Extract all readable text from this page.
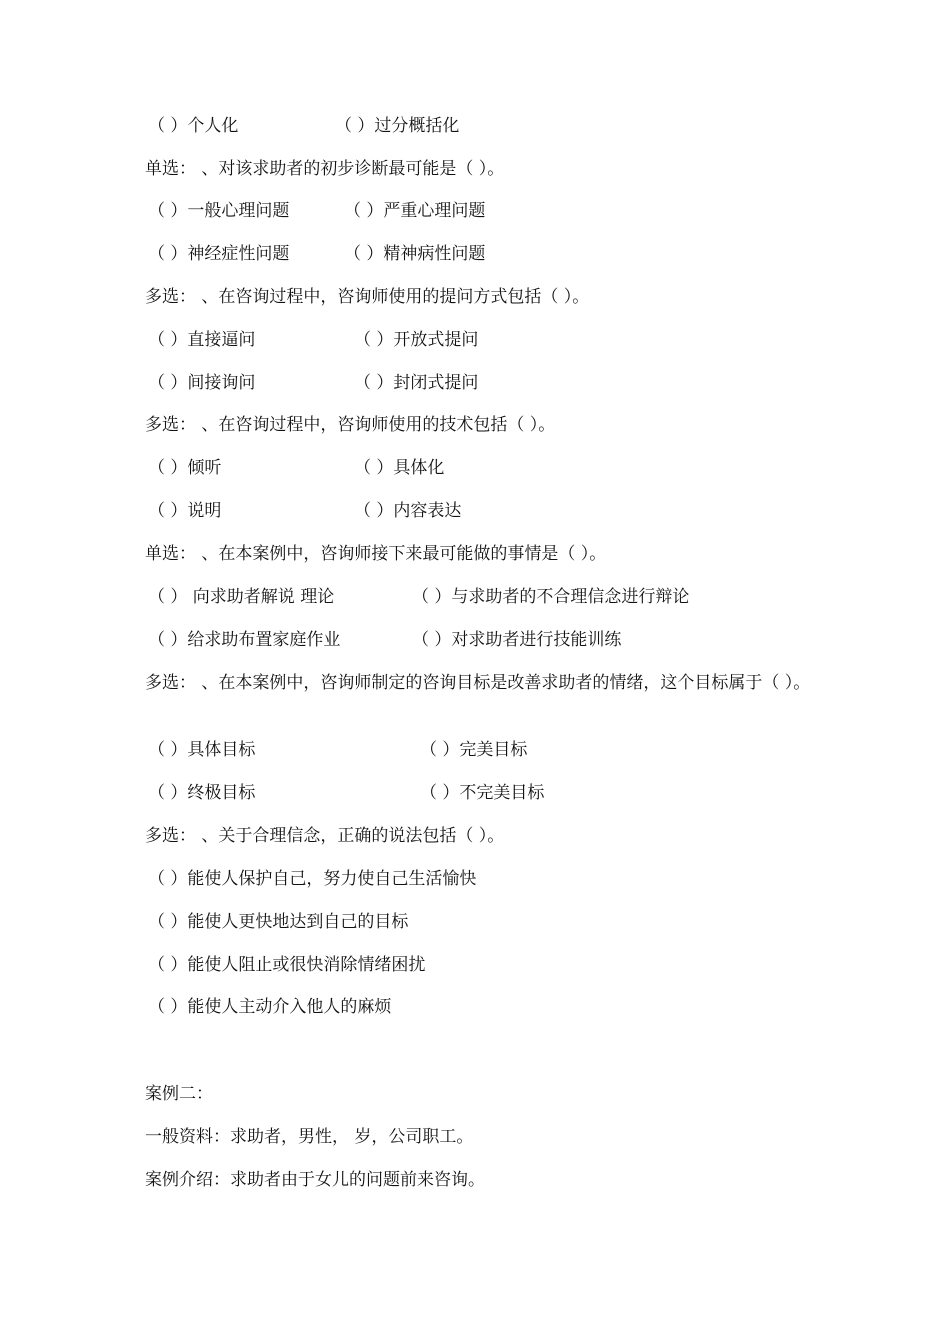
（ ）个人化	（ ）过分概括化
单选： 、对该求助者的初步诊断最可能是（ ）。
（ ）一般心理问题	（ ）严重心理问题
（ ）神经症性问题	（ ）精神病性问题
多选： 、在咨询过程中，咨询师使用的提问方式包括（ ）。
（ ）直接逼问	（ ）开放式提问
（ ）间接询问	（ ）封闭式提问
多选： 、在咨询过程中，咨询师使用的技术包括（ ）。
（ ）倾听	（ ）具体化
（ ）说明	（ ）内容表达
单选： 、在本案例中，咨询师接下来最可能做的事情是（ ）。
（ ） 向求助者解说 理论	（ ）与求助者的不合理信念进行辩论
（ ）给求助布置家庭作业	（ ）对求助者进行技能训练
多选： 、在本案例中，咨询师制定的咨询目标是改善求助者的情绪，这个目标属于（ ）。
（ ）具体目标	（ ）完美目标
（ ）终极目标	（ ）不完美目标
多选： 、关于合理信念，正确的说法包括（ ）。
（ ）能使人保护自己，努力使自己生活愉快
（ ）能使人更快地达到自己的目标
（ ）能使人阻止或很快消除情绪困扰
（ ）能使人主动介入他人的麻烦
案例二：
一般资料：求助者，男性， 岁，公司职工。
案例介绍：求助者由于女儿的问题前来咨询。
